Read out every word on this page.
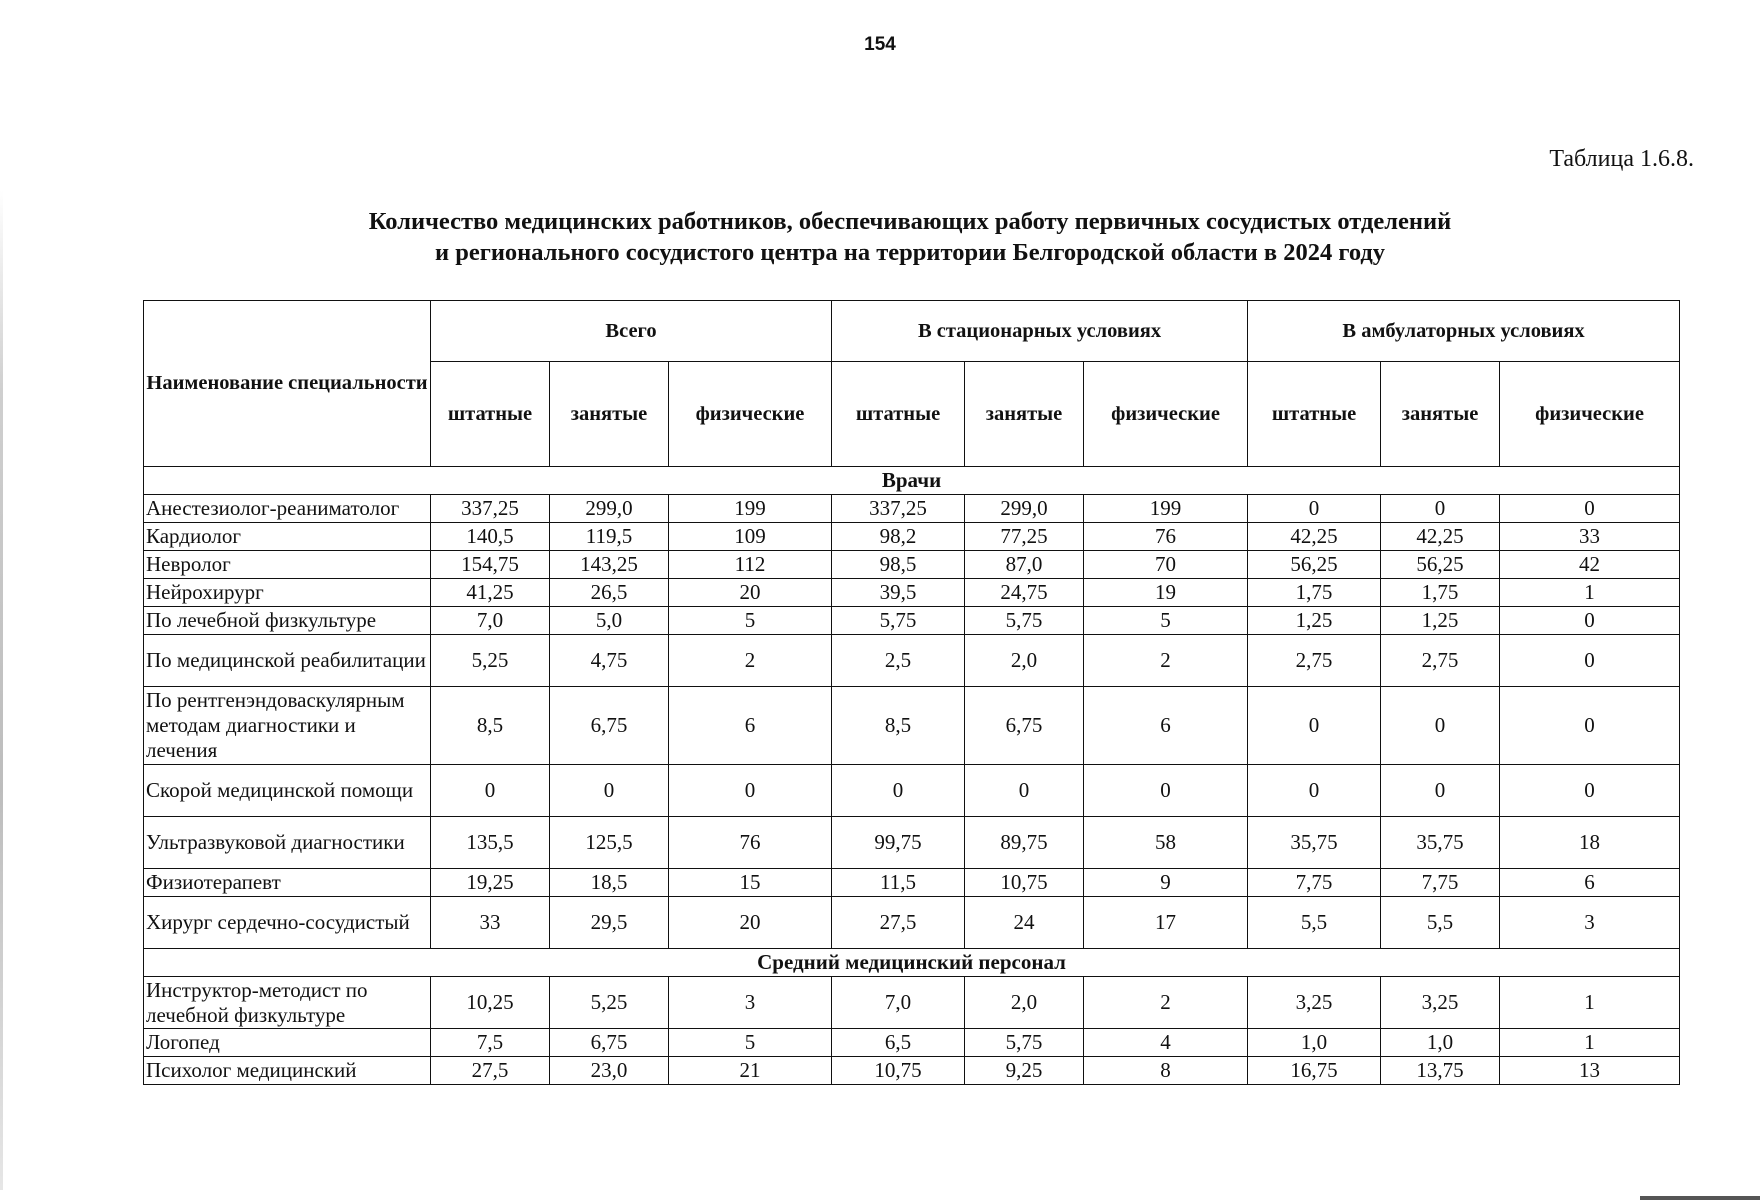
154
Таблица 1.6.8.
Количество медицинских работников, обеспечивающих работу первичных сосудистых отделений
и регионального сосудистого центра на территории Белгородской области в 2024 году
Наименование специальности	Всего			В стационарных условиях			В амбулаторных условиях		
	штатные	занятые	физические	штатные	занятые	физические	штатные	занятые	физические
Врачи									
Анестезиолог-реаниматолог	337,25	299,0	199	337,25	299,0	199	0	0	0
Кардиолог	140,5	119,5	109	98,2	77,25	76	42,25	42,25	33
Невролог	154,75	143,25	112	98,5	87,0	70	56,25	56,25	42
Нейрохирург	41,25	26,5	20	39,5	24,75	19	1,75	1,75	1
По лечебной физкультуре	7,0	5,0	5	5,75	5,75	5	1,25	1,25	0
По медицинской реабилитации	5,25	4,75	2	2,5	2,0	2	2,75	2,75	0
По рентгенэндоваскулярным методам диагностики и лечения	8,5	6,75	6	8,5	6,75	6	0	0	0
Скорой медицинской помощи	0	0	0	0	0	0	0	0	0
Ультразвуковой диагностики	135,5	125,5	76	99,75	89,75	58	35,75	35,75	18
Физиотерапевт	19,25	18,5	15	11,5	10,75	9	7,75	7,75	6
Хирург сердечно-сосудистый	33	29,5	20	27,5	24	17	5,5	5,5	3
Средний медицинский персонал									
Инструктор-методист по лечебной физкультуре	10,25	5,25	3	7,0	2,0	2	3,25	3,25	1
Логопед	7,5	6,75	5	6,5	5,75	4	1,0	1,0	1
Психолог медицинский	27,5	23,0	21	10,75	9,25	8	16,75	13,75	13
